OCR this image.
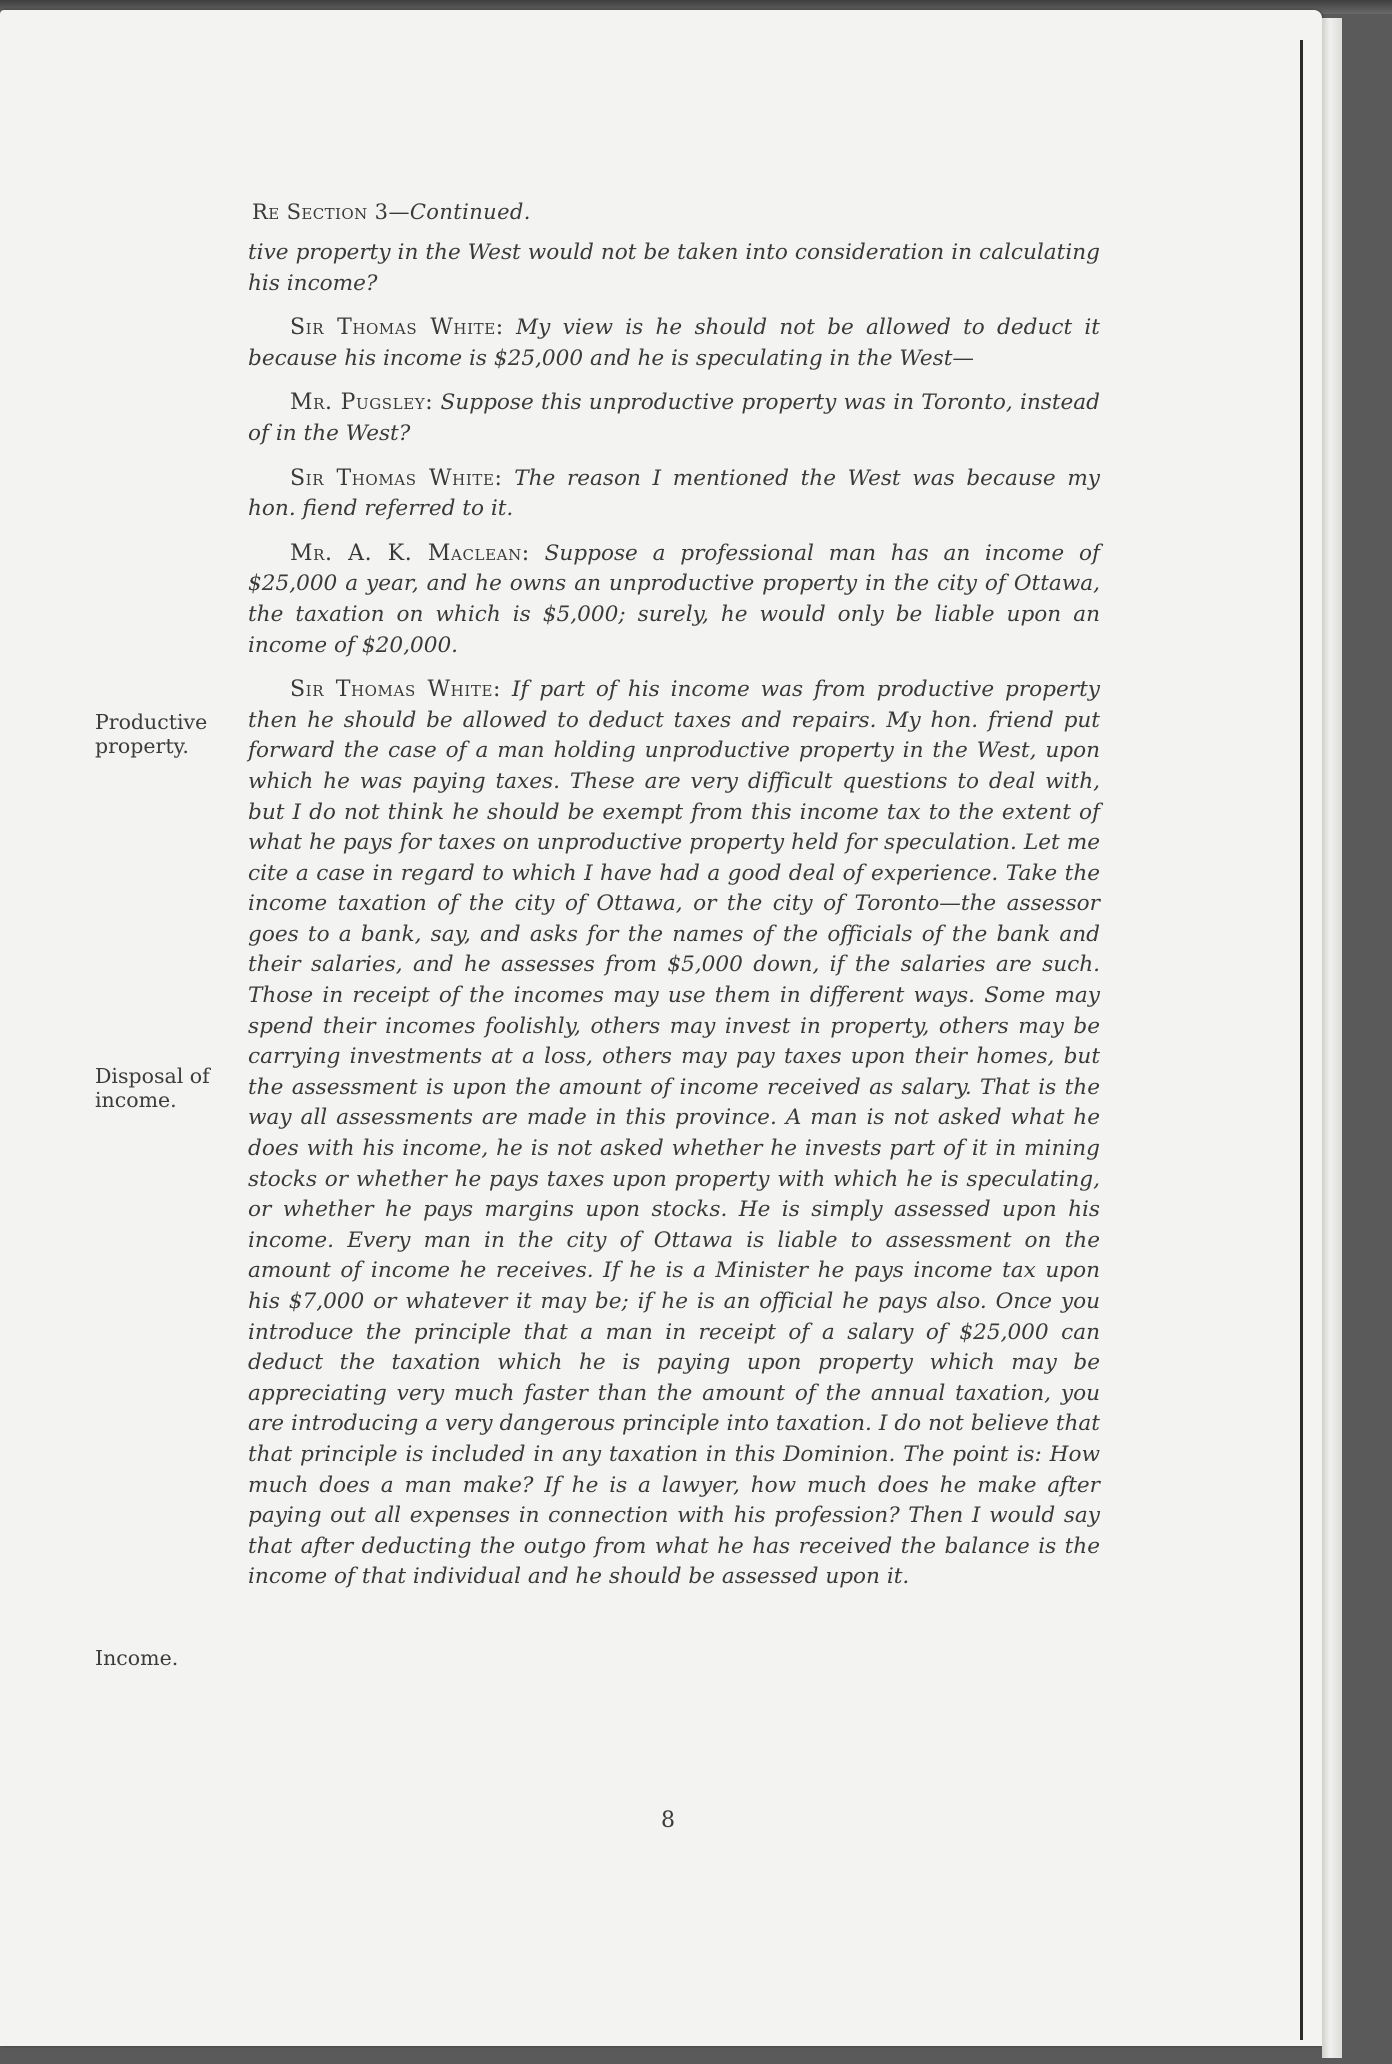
Re Section 3—Continued.

tive property in the West would not be taken into consideration in calculating his income?

Sir Thomas White: My view is he should not be allowed to deduct it because his income is $25,000 and he is speculating in the West—

Mr. Pugsley: Suppose this unproductive property was in Toronto, instead of in the West?

Sir Thomas White: The reason I mentioned the West was because my hon. fiend referred to it.

Mr. A. K. Maclean: Suppose a professional man has an income of $25,000 a year, and he owns an unproductive property in the city of Ottawa, the taxation on which is $5,000; surely, he would only be liable upon an income of $20,000.

Sir Thomas White: If part of his income was from productive property then he should be allowed to deduct taxes and repairs. My hon. friend put forward the case of a man holding unproductive property in the West, upon which he was paying taxes. These are very difficult questions to deal with, but I do not think he should be exempt from this income tax to the extent of what he pays for taxes on unproductive property held for speculation. Let me cite a case in regard to which I have had a good deal of experience. Take the income taxation of the city of Ottawa, or the city of Toronto—the assessor goes to a bank, say, and asks for the names of the officials of the bank and their salaries, and he assesses from $5,000 down, if the salaries are such. Those in receipt of the incomes may use them in different ways. Some may spend their incomes foolishly, others may invest in property, others may be carrying investments at a loss, others may pay taxes upon their homes, but the assessment is upon the amount of income received as salary. That is the way all assessments are made in this province. A man is not asked what he does with his income, he is not asked whether he invests part of it in mining stocks or whether he pays taxes upon property with which he is speculating, or whether he pays margins upon stocks. He is simply assessed upon his income. Every man in the city of Ottawa is liable to assessment on the amount of income he receives. If he is a Minister he pays income tax upon his $7,000 or whatever it may be; if he is an official he pays also. Once you introduce the principle that a man in receipt of a salary of $25,000 can deduct the taxation which he is paying upon property which may be appreciating very much faster than the amount of the annual taxation, you are introducing a very dangerous principle into taxation. I do not believe that that principle is included in any taxation in this Dominion. The point is: How much does a man make? If he is a lawyer, how much does he make after paying out all expenses in connection with his profession? Then I would say that after deducting the outgo from what he has received the balance is the income of that individual and he should be assessed upon it.

Productive property.
Disposal of income.
Income.
8
